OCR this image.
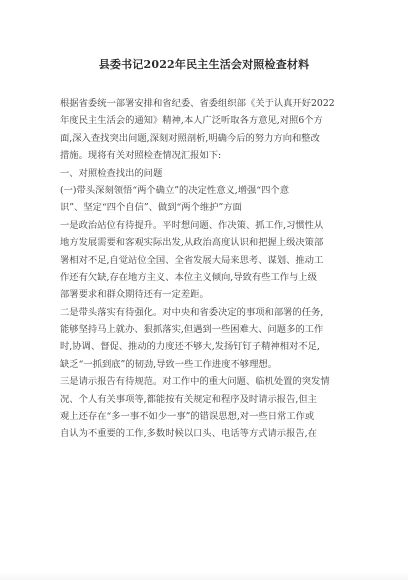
县委书记2022年民主生活会对照检查材料
根据省委统一部署安排和省纪委、省委组织部《关于认真开好2022
年度民主生活会的通知》精神,本人广泛听取各方意见,对照6个方
面,深入查找突出问题,深刻对照剖析,明确今后的努力方向和整改
措施。现将有关对照检查情况汇报如下:
一、对照检查找出的问题
(一)带头深刻领悟“两个确立”的决定性意义,增强“四个意
识”、坚定“四个自信”、做到“两个维护”方面
一是政治站位有待提升。平时想问题、作决策、抓工作,习惯性从
地方发展需要和客观实际出发,从政治高度认识和把握上级决策部
署相对不足,自觉站位全国、全省发展大局来思考、谋划、推动工
作还有欠缺,存在地方主义、本位主义倾向,导致有些工作与上级
部署要求和群众期待还有一定差距。
二是带头落实有待强化。对中央和省委决定的事项和部署的任务,
能够坚持马上就办、狠抓落实,但遇到一些困难大、问题多的工作
时,协调、督促、推动的力度还不够大,发扬钉钉子精神相对不足,
缺乏“一抓到底”的韧劲,导致一些工作进度不够理想。
三是请示报告有待规范。对工作中的重大问题、临机处置的突发情
况、个人有关事项等,都能按有关规定和程序及时请示报告,但主
观上还存在“多一事不如少一事”的错误思想,对一些日常工作或
自认为不重要的工作,多数时候以口头、电话等方式请示报告,在
